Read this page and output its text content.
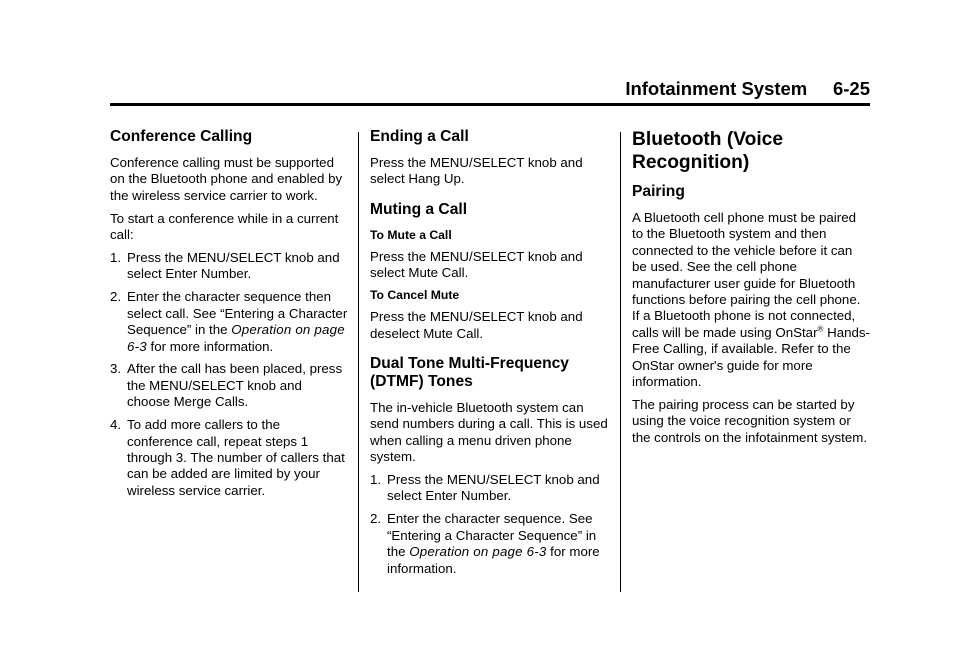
Infotainment System     6-25
Conference Calling

Conference calling must be supported on the Bluetooth phone and enabled by the wireless service carrier to work.

To start a conference while in a current call:

1. Press the MENU/SELECT knob and select Enter Number.
2. Enter the character sequence then select call. See “Entering a Character Sequence” in the Operation on page 6-3 for more information.
3. After the call has been placed, press the MENU/SELECT knob and choose Merge Calls.
4. To add more callers to the conference call, repeat steps 1 through 3. The number of callers that can be added are limited by your wireless service carrier.
Ending a Call

Press the MENU/SELECT knob and select Hang Up.

Muting a Call
To Mute a Call

Press the MENU/SELECT knob and select Mute Call.

To Cancel Mute

Press the MENU/SELECT knob and deselect Mute Call.

Dual Tone Multi-Frequency (DTMF) Tones

The in-vehicle Bluetooth system can send numbers during a call. This is used when calling a menu driven phone system.

1. Press the MENU/SELECT knob and select Enter Number.
2. Enter the character sequence. See “Entering a Character Sequence” in the Operation on page 6-3 for more information.
Bluetooth (Voice Recognition)
Pairing

A Bluetooth cell phone must be paired to the Bluetooth system and then connected to the vehicle before it can be used. See the cell phone manufacturer user guide for Bluetooth functions before pairing the cell phone. If a Bluetooth phone is not connected, calls will be made using OnStar® Hands-Free Calling, if available. Refer to the OnStar owner's guide for more information.

The pairing process can be started by using the voice recognition system or the controls on the infotainment system.
